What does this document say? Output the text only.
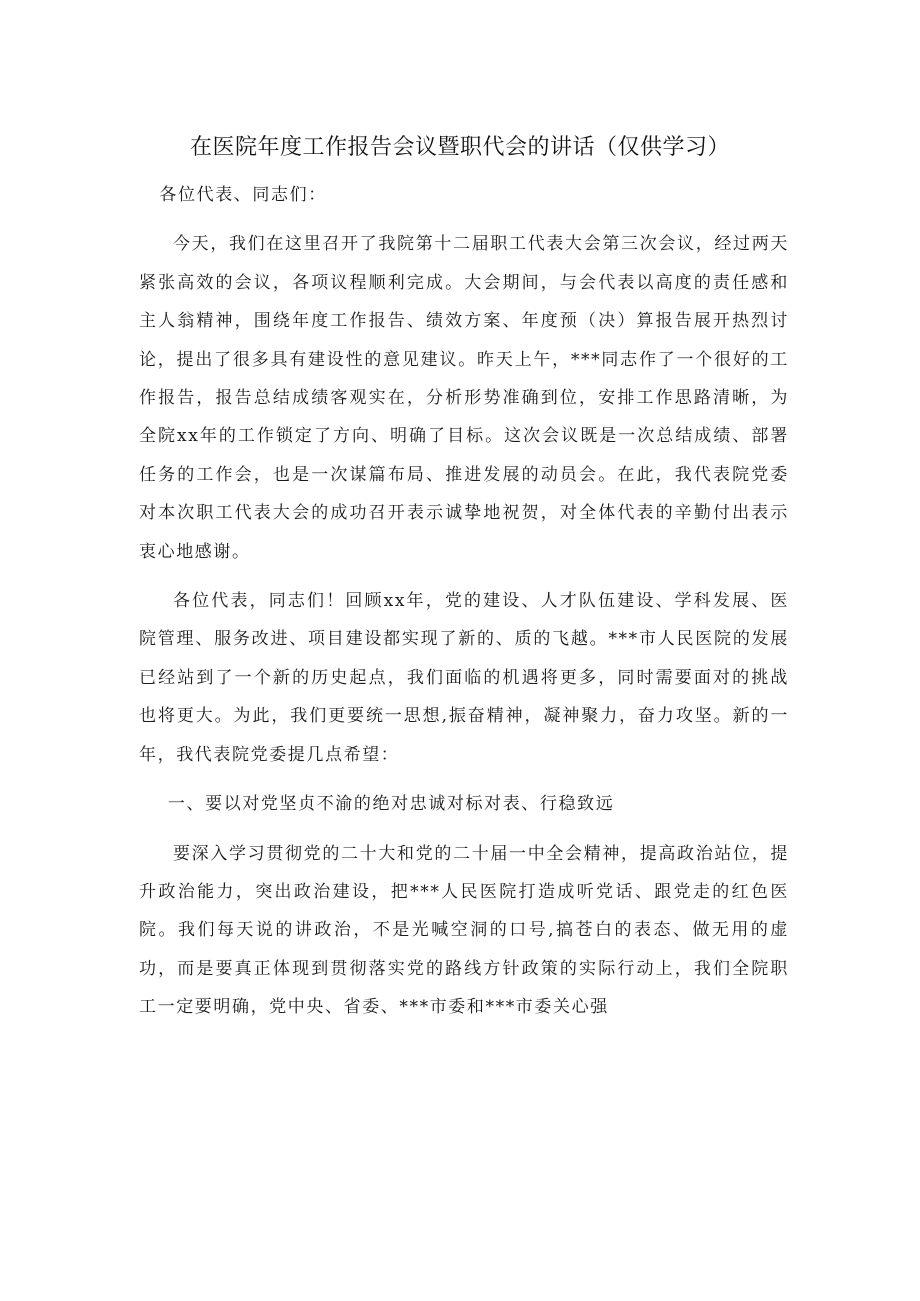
在医院年度工作报告会议暨职代会的讲话（仅供学习）

各位代表、同志们：

今天，我们在这里召开了我院第十二届职工代表大会第三次会议，经过两天紧张高效的会议，各项议程顺利完成。大会期间，与会代表以高度的责任感和主人翁精神，围绕年度工作报告、绩效方案、年度预（决）算报告展开热烈讨论，提出了很多具有建设性的意见建议。昨天上午，***同志作了一个很好的工作报告，报告总结成绩客观实在，分析形势准确到位，安排工作思路清晰，为全院xx年的工作锁定了方向、明确了目标。这次会议既是一次总结成绩、部署任务的工作会，也是一次谋篇布局、推进发展的动员会。在此，我代表院党委对本次职工代表大会的成功召开表示诚挚地祝贺，对全体代表的辛勤付出表示衷心地感谢。

各位代表，同志们！回顾xx年，党的建设、人才队伍建设、学科发展、医院管理、服务改进、项目建设都实现了新的、质的飞越。***市人民医院的发展已经站到了一个新的历史起点，我们面临的机遇将更多，同时需要面对的挑战也将更大。为此，我们更要统一思想,振奋精神，凝神聚力，奋力攻坚。新的一年，我代表院党委提几点希望：

一、要以对党坚贞不渝的绝对忠诚对标对表、行稳致远

要深入学习贯彻党的二十大和党的二十届一中全会精神，提高政治站位，提升政治能力，突出政治建设，把***人民医院打造成听党话、跟党走的红色医院。我们每天说的讲政治，不是光喊空洞的口号,搞苍白的表态、做无用的虚功，而是要真正体现到贯彻落实党的路线方针政策的实际行动上，我们全院职工一定要明确，党中央、省委、***市委和***市委关心强
